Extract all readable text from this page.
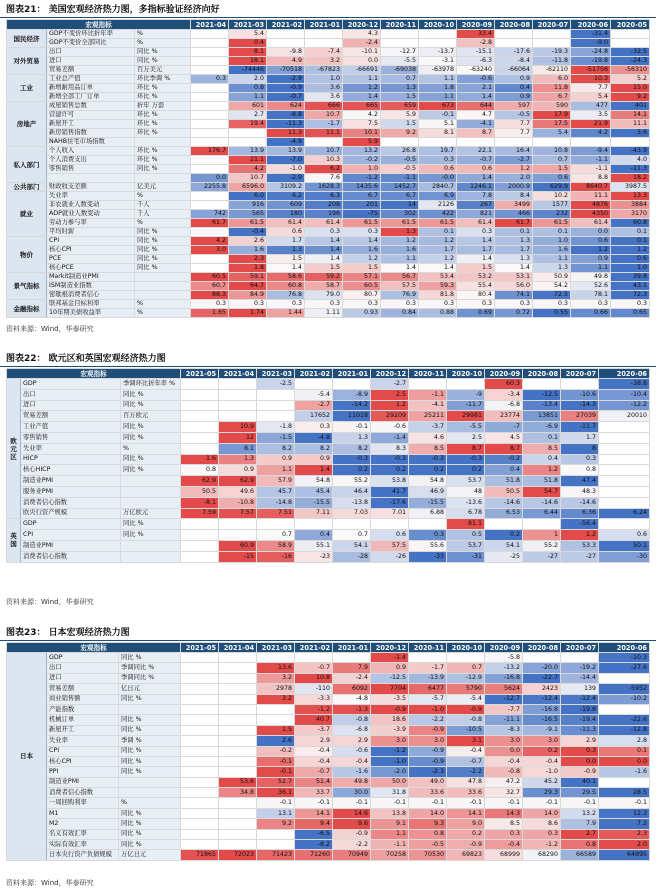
图表21： 美国宏观经济热力图，多指标验证经济向好
宏观指标			2021-04	2021-03	2021-02	2021-01	2020-12	2020-11	2020-10	2020-09	2020-08	2020-07	2020-06	2020-05
国民经济	GDP不变价环比折年率	%		5.4			4.3			33.4			-31.4	
	GDP不变价全部同比	%		0.4			-2.4			-2.8			-9.0	
对外贸易	出口	同比 %		8.1	-9.8	-7.4	-10.1	-12.7	-13.7	-15.1	-17.6	-19.3	-24.8	-32.5
	进口	同比 %		18.1	4.9	3.2	0.0	-5.5	-3.1	-6.3	-8.4	-11.8	-19.8	-24.3
	贸易差额	百万美元		-74446	-70518	-67823	-66691	-69038	-63978	-63240	-66064	-62110	-51756	-56310
工业	工业总产值	环比季调 %	0.3	2.0	-2.9	1.0	1.1	0.7	1.1	-0.6	0.9	6.0	10.3	5.2
	新增耐用品订单	环比 %		0.8	-0.9	3.6	1.2	1.3	1.8	2.1	0.4	11.8	7.7	15.0
	新增全部工厂订单	环比 %		1.1	-0.7	3.6	1.4	1.5	1.1	1.4	0.9	6.7	5.4	9.2
房地产	成屋销售总数	折年 万套		601	624	666	665	659	673	644	597	590	477	401
	营建许可	环比 %		2.7	-8.8	10.7	4.2	5.9	-0.1	4.7	-0.5	17.9	3.5	14.1
	新屋开工	环比 %		19.4	-11.3	-1.7	7.5	1.5	5.1	-4.1	7.7	17.5	21.9	11.1
	新房销售指数	环比 %			11.3	11.1	10.1	9.2	8.1	8.7	7.7	5.4	4.2	3.6
	NAHB住宅市场指数				-4.9		5.9							
私人部门	个人收入	环比 %	176.7	13.9	13.9	10.7	13.2	26.8	19.7	22.1	16.4	10.8	-9.4	-43.9
	个人消费支出	环比 %		21.1	-7.0	10.3	-0.2	-0.5	0.3	-0.7	-2.7	0.7	-1.1	4.0
	零售销售	同比 %		4.2	-1.0	6.2	1.0	-0.5	0.6	0.6	1.2	1.5	-1.1	-11.3
			0.0	10.7	-2.9	7.6	-1.2	-1.1	-0.0	1.4	2.0	0.6	8.8	18.2
公共部门	财政收支差额	亿美元	2255.8	6596.0	3109.2	1628.3	1435.6	1452.7	2840.7	1246.1	2000.9	629.9	8640.7	3987.5
就业	失业率	%		6.0	6.2	6.3	6.7	6.7	6.9	7.8	8.4	10.2	11.1	13.3
	非农就业人数变动	千人		916	609	208	201	14	2126	267	3499	1577	4876	3884
	ADP就业人数变动	千人	742	565	180	196	-75	302	422	821	466	232	4350	3170
	劳动力参与率	%	61.7	61.5	61.4	61.4	61.5	61.5	61.5	61.4	61.7	61.5	61.4	60.8
	平均时薪	同比 %		-0.4	0.6	0.3	0.3	1.3	0.1	0.3	0.1	0.1	0.0	0.1
物价	CPI	同比 %	4.2	2.6	1.7	1.4	1.4	1.2	1.2	1.4	1.3	1.0	0.6	0.1
	核心CPI	同比 %	3.0	1.6	1.3	1.4	1.6	1.6	1.7	1.7	1.7	1.6	1.2	1.2
	PCE	同比 %		2.3	1.5	1.4	1.2	1.1	1.2	1.4	1.3	1.1	0.9	0.6
	核心PCE	同比 %		1.8	1.4	1.5	1.5	1.4	1.4	1.5	1.4	1.3	1.1	1.0
景气指标	Markit制造业PMI		60.5	59.1	58.6	59.2	57.1	56.7	53.4	53.2	53.1	50.9	49.8	39.8
	ISM制造业指数		60.7	64.7	60.8	58.7	60.5	57.5	59.3	55.4	56.0	54.2	52.6	43.1
	密歇根消费者信心		88.3	84.9	76.8	79.0	80.7	76.9	81.8	80.4	74.1	72.5	78.1	72.3
金融指标	联邦基金目标利率	%	0.3	0.3	0.3	0.3	0.3	0.3	0.3	0.3	0.3	0.3	0.3	0.3
	10年期美债收益率	%	1.65	1.74	1.44	1.11	0.93	0.84	0.88	0.69	0.72	0.55	0.66	0.65
资料来源：Wind，华泰研究
图表22： 欧元区和英国宏观经济热力图
宏观指标			2021-05	2021-04	2021-03	2021-02	2021-01	2020-12	2020-11	2020-10	2020-09	2020-08	2020-07	2020-06
欧元区	GDP	季调环比折年率 %			-2.5			-2.7			60.3			-38.8
	出口	同比 %				-5.4	-8.9	2.5	-1.1	-9	-3.4	-12.5	-10.6	-10.4
	进口	同比 %				-2.7	-14.2	1.2	-4.1	-11.7	-6.8	-13.4	-14.3	-12.2
	贸易差额	百万欧元				17652	11018	29209	25211	29981	23774	13851	27039	20010
	工业产值	同比 %		10.9	-1.8	0.3	-0.1	-0.6	-3.7	-5.5	-7	-6.9	-11.7	
	零售销售	同比 %		12	-1.5	-4.8	1.3	-1.4	4.6	2.5	4.5	0.1	1.7	
	失业率	%		8.1	8.2	8.2	8.2	8.3	8.5	8.7	8.7	8.5	8	
	HICP	同比 %	1.6	1.3	0.9	0.9	-0.3	-0.3	-0.3	-0.3	-0.2	0.4	0.3	
	核心HICP	同比 %	0.8	0.9	1.1	1.4	0.2	0.2	0.2	0.2	0.4	1.2	0.8	
	制造业PMI		62.9	62.9	57.9	54.8	55.2	53.8	54.8	53.7	51.8	51.8	47.4	
	服务业PMI		50.5	49.6	45.7	45.4	46.4	41.7	46.9	48	50.5	54.7	48.3	
	消费者信心指数		-8.1	-10.8	-14.8	-15.5	-13.8	-17.6	-15.5	-13.6	-14.6	-14.6	-14.6	
	欧央行资产规模	万亿欧元	7.59	7.57	7.51	7.11	7.03	7.01	6.88	6.78	6.53	6.44	6.36	6.24
英国	GDP	同比 %								81.1			-56.4	
	CPI	同比 %			0.7	0.4	0.7	0.6	0.3	0.5	0.2	1	1.2	0.6
	制造业PMI			60.9	58.9	55.1	54.1	57.5	55.6	53.7	54.1	55.2	53.3	50.1
	消费者信心指数			-15	-16	-23	-28	-26	-33	-31	-25	-27	-27	-30
资料来源：Wind，华泰研究
图表23： 日本宏观经济热力图
宏观指标			2021-05	2021-04	2021-03	2021-02	2021-01	2020-12	2020-11	2020-10	2020-09	2020-08	2020-07	2020-06
日本	GDP	同比 %						-1.4			-5.8			-10.3
	出口	季调同比 %			13.6	-0.7	7.9	0.9	-1.7	0.7	-13.2	-20.0	-19.2	-27.6
	进口	季调同比 %			3.2	10.8	-2.4	-12.5	-13.9	-12.9	-16.8	-22.7	-14.4	
	贸易差额	亿日元			2978	-110	6092	7704	6477	5790	5624	2423	139	-5952
	商业销售额	同比 %			3.2	-3.3	-4.8	-3.5	-5.7	-5.4	-12.7	-12.4	-12.4	-10.2
	产能指数					-1.2	-1.3	-0.9	-1.0	-0.9	-7.7	-16.8	-19.8	
	机械订单	同比 %				40.7	-0.8	18.6	-2.2	-0.8	-11.1	-16.5	-19.4	-22.6
	新屋开工	同比 %			1.5	-3.7	-6.8	-3.9	-0.9	-10.5	-8.3	-9.1	-11.3	-12.8
	失业率	季调 %			2.6	2.9	2.9	3.0	3.0	3.1	3.0	3.0	2.9	2.8
	CPI	同比 %			-0.2	-0.4	-0.6	-1.2	-0.9	-0.4	0.0	0.2	0.3	0.1
	核心CPI	同比 %			-0.1	-0.4	-0.4	-1.0	-0.9	-0.7	-0.4	-0.4	0.0	0.0
	PPI	同比 %			-0.1	-0.7	-1.6	-2.0	-2.3	-2.2	-0.8	-1.0	-0.9	-1.6
	制造业PMI			53.6	52.7	51.4	49.8	50.0	49.0	47.8	47.2	45.2	40.1	
	消费者信心指数			34.8	36.1	33.7	30.0	31.8	33.6	33.6	32.7	29.3	29.5	28.5
	一周回购利率	%			-0.1	-0.1	-0.1	-0.1	-0.1	-0.1	-0.1	-0.1	-0.1	-0.1
	M1	同比 %			13.1	14.1	14.6	13.8	14.0	14.1	14.3	14.0	13.2	12.3
	M2	同比 %			9.2	9.4	9.6	9.1	9.3	9.0	8.5	8.6	7.9	7.2
	名义有效汇率	同比 %				-6.5	-0.9	1.1	0.8	0.2	0.3	0.3	2.7	2.3
	实际有效汇率	同比 %				-8.2	-2.2	-1.1	-0.5	-0.9	-0.4	-1.2	0.8	2.0
	日本央行资产负债规模	万亿日元	71865	72023	71423	71260	70949	70258	70530	69823	68999	68290	66589	64895
资料来源：Wind，华泰研究
